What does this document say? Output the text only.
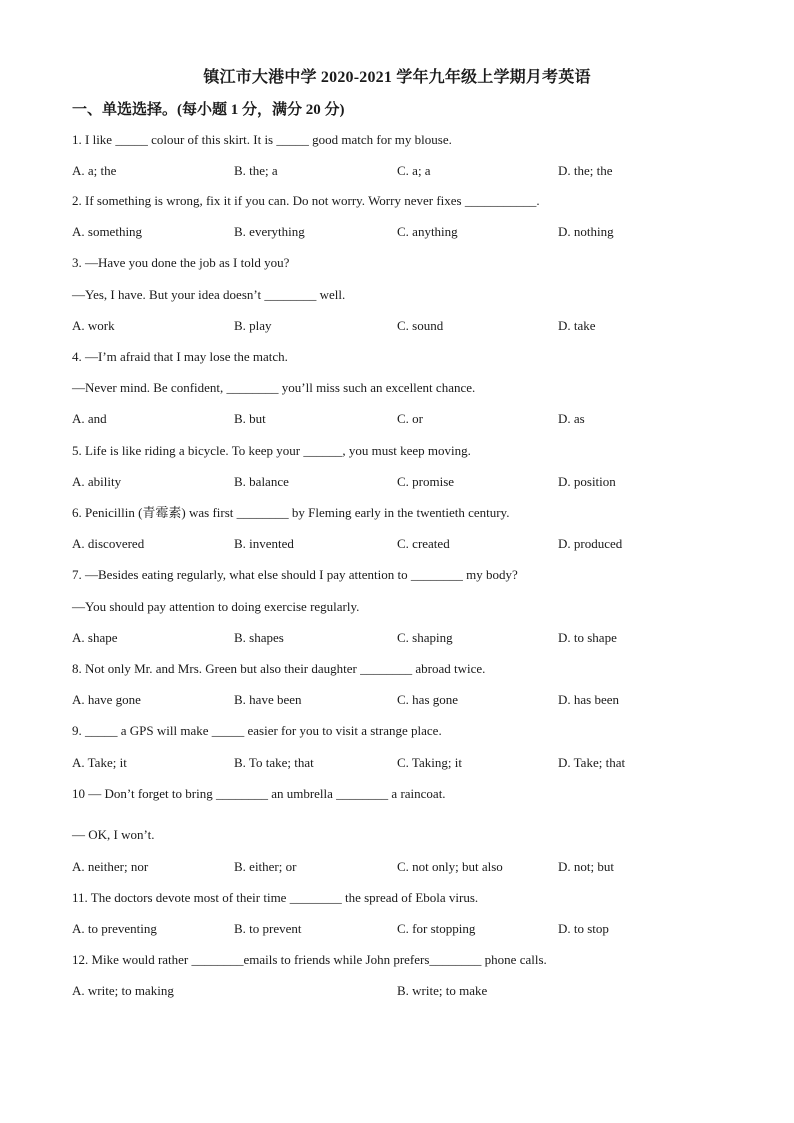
镇江市大港中学 2020-2021 学年九年级上学期月考英语
一、单选选择。(每小题 1 分，满分 20 分)
1. I like _____ colour of this skirt. It is _____ good match for my blouse.
A. a; the	B. the; a	C. a; a	D. the; the
2. If something is wrong, fix it if you can. Do not worry. Worry never fixes ___________.
A. something	B. everything	C. anything	D. nothing
3. —Have you done the job as I told you?
—Yes, I have. But your idea doesn’t ________ well.
A. work	B. play	C. sound	D. take
4. —I’m afraid that I may lose the match.
—Never mind. Be confident, ________ you’ll miss such an excellent chance.
A. and	B. but	C. or	D. as
5. Life is like riding a bicycle. To keep your ______, you must keep moving.
A. ability	B. balance	C. promise	D. position
6. Penicillin (青霉素) was first ________ by Fleming early in the twentieth century.
A. discovered	B. invented	C. created	D. produced
7. —Besides eating regularly, what else should I pay attention to ________ my body?
—You should pay attention to doing exercise regularly.
A. shape	B. shapes	C. shaping	D. to shape
8. Not only Mr. and Mrs. Green but also their daughter ________ abroad twice.
A. have gone	B. have been	C. has gone	D. has been
9. _____ a GPS will make _____ easier for you to visit a strange place.
A. Take; it	B. To take; that	C. Taking; it	D. Take; that
10 — Don’t forget to bring ________ an umbrella ________ a raincoat.
— OK, I won’t.
A. neither; nor	B. either; or	C. not only; but also	D. not; but
11. The doctors devote most of their time ________ the spread of Ebola virus.
A. to preventing	B. to prevent	C. for stopping	D. to stop
12. Mike would rather ________emails to friends while John prefers________ phone calls.
A. write; to making	B. write; to make
